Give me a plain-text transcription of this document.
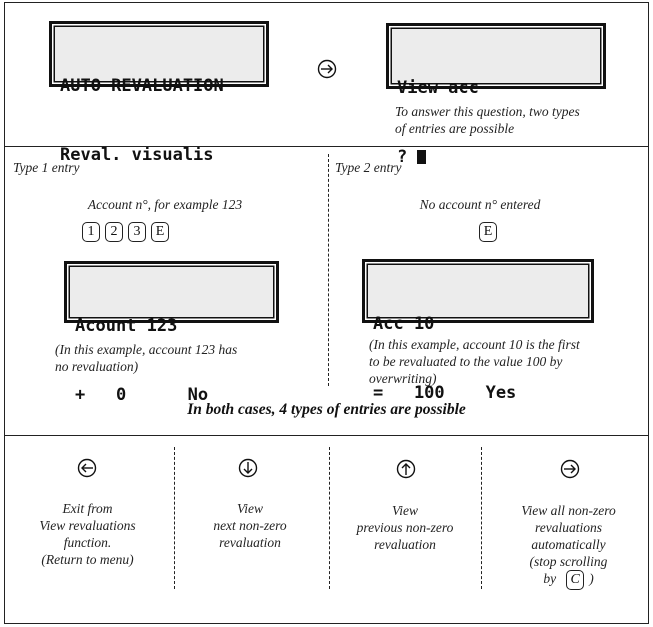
AUTO REVALUATION

Reval. visualis

View acc

?

To answer this question, two types
of entries are possible
Type 1 entry
Account n°, for example 123
1 2 3 E

Acount 123

+   0      No

(In this example, account 123 has
no revaluation)
Type 2 entry
No account n° entered
E

Acc 10

=   100    Yes

(In this example, account 10 is the first
to be revaluated to the value 100 by
overwriting)
In both cases, 4 types of entries are possible
Exit from
View revaluations
function.
(Return to menu)
View
next non-zero
revaluation
View
previous non-zero
revaluation
View all non-zero
revaluations
automatically
(stop scrolling
by C )
